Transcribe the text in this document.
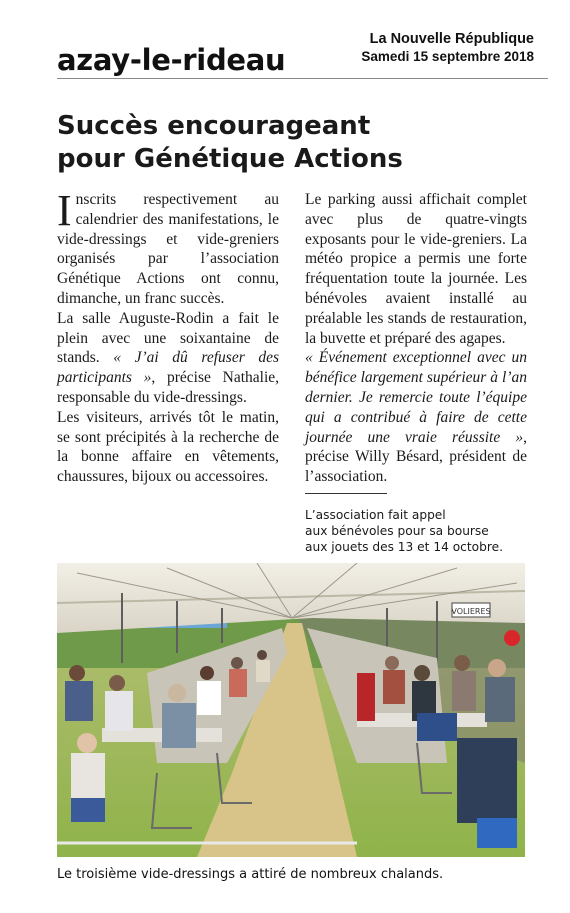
azay-le-rideau
La Nouvelle République
Samedi 15 septembre 2018
Succès encourageant
pour Génétique Actions

Inscrits respectivement au calendrier des manifestations, le vide-dressings et vide-greniers organisés par l’association Génétique Actions ont connu, dimanche, un franc succès.

La salle Auguste-Rodin a fait le plein avec une soixantaine de stands. « J’ai dû refuser des participants », précise Nathalie, responsable du vide-dressings.

Les visiteurs, arrivés tôt le matin, se sont précipités à la recherche de la bonne affaire en vêtements, chaussures, bijoux ou accessoires.

Le parking aussi affichait complet avec plus de quatre-vingts exposants pour le vide-greniers. La météo propice a permis une forte fréquentation toute la journée. Les bénévoles avaient installé au préalable les stands de restauration, la buvette et préparé des agapes.

« Événement exceptionnel avec un bénéfice largement supérieur à l’an dernier. Je remercie toute l’équipe qui a contribué à faire de cette journée une vraie réussite », précise Willy Bésard, président de l’association.

L’association fait appel
aux bénévoles pour sa bourse
aux jouets des 13 et 14 octobre.
VOLIERES
Le troisième vide-dressings a attiré de nombreux chalands.
